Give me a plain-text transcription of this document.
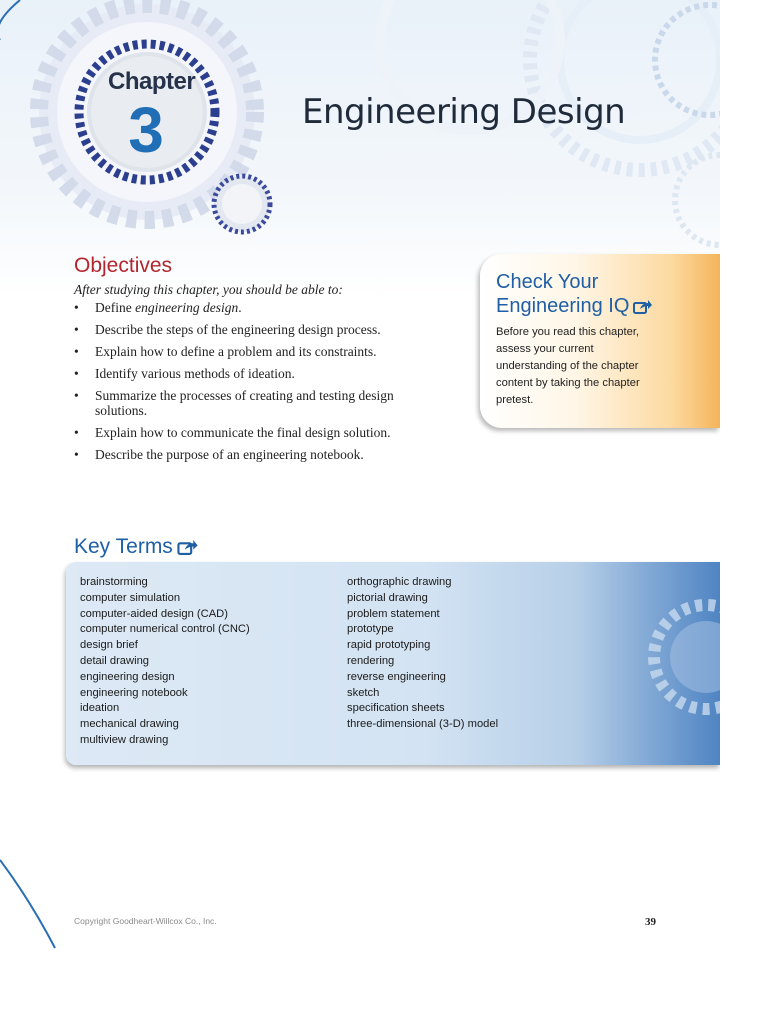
Chapter
3	Engineering Design
Objectives
After studying this chapter, you should be able to:
• Define engineering design.
• Describe the steps of the engineering design process.
• Explain how to define a problem and its constraints.
• Identify various methods of ideation.
• Summarize the processes of creating and testing design solutions.
• Explain how to communicate the final design solution.
• Describe the purpose of an engineering notebook.
Check Your Engineering IQ
Before you read this chapter, assess your current understanding of the chapter content by taking the chapter pretest.
Key Terms
brainstorming
computer simulation
computer-aided design (CAD)
computer numerical control (CNC)
design brief
detail drawing
engineering design
engineering notebook
ideation
mechanical drawing
multiview drawing
orthographic drawing
pictorial drawing
problem statement
prototype
rapid prototyping
rendering
reverse engineering
sketch
specification sheets
three-dimensional (3-D) model
Copyright Goodheart-Willcox Co., Inc.	39
